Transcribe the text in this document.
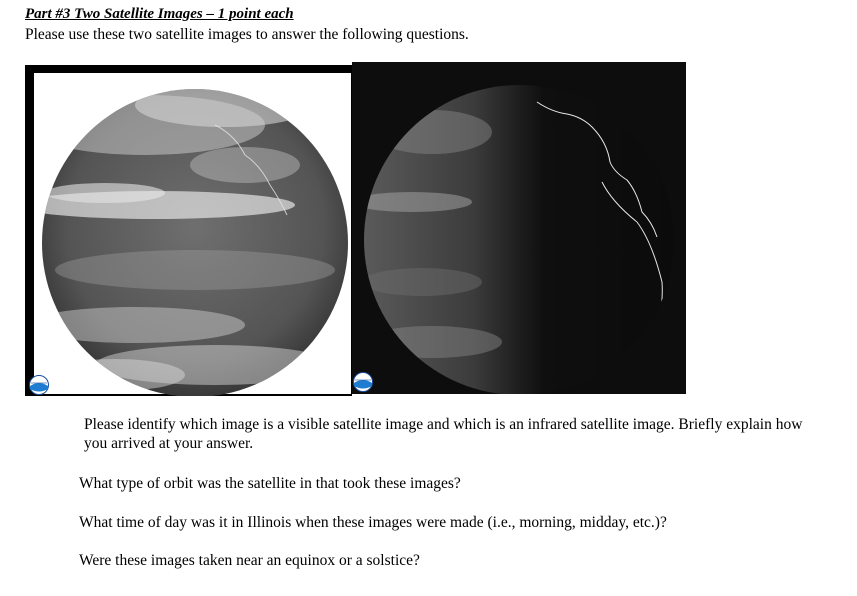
Part #3 Two Satellite Images – 1 point each
Please use these two satellite images to answer the following questions.
Please identify which image is a visible satellite image and which is an infrared satellite image. Briefly explain how you arrived at your answer.
What type of orbit was the satellite in that took these images?
What time of day was it in Illinois when these images were made (i.e., morning, midday, etc.)?
Were these images taken near an equinox or a solstice?
